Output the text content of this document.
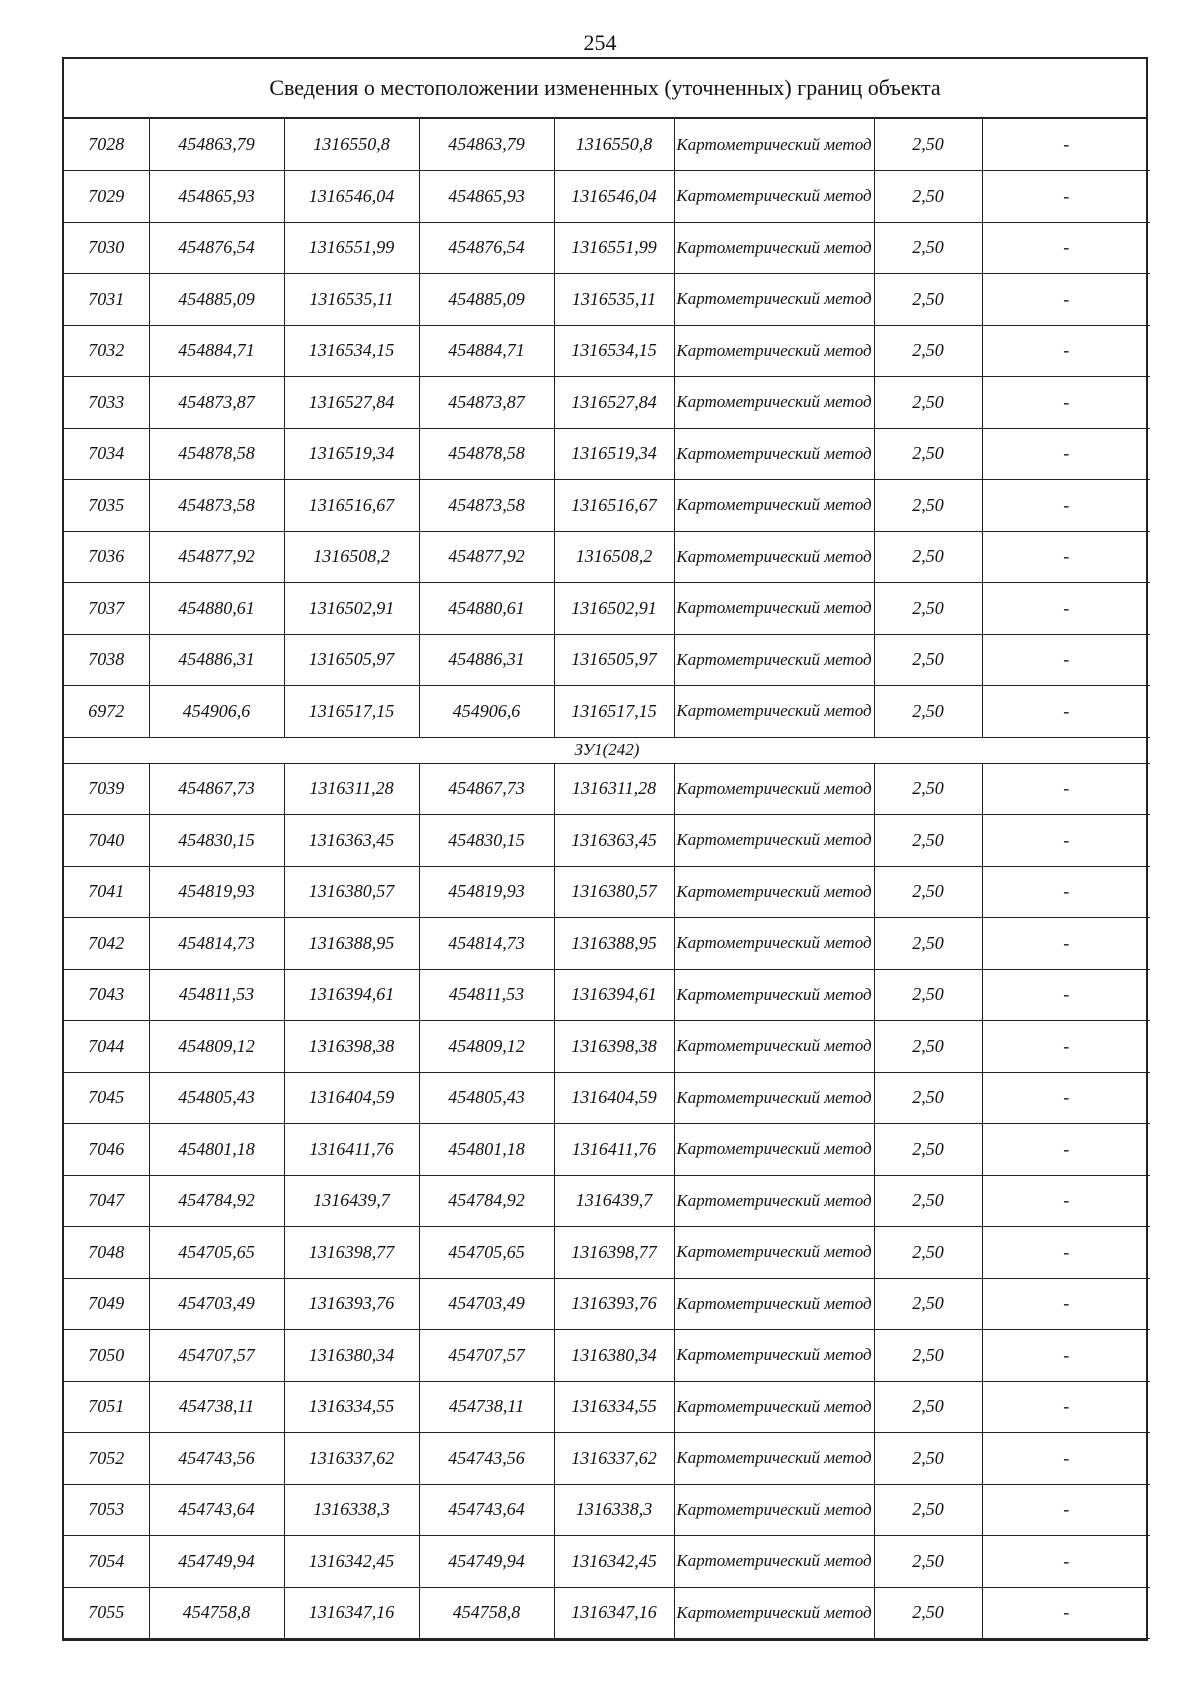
254
Сведения о местоположении измененных (уточненных) границ объекта
7028	454863,79	1316550,8	454863,79	1316550,8	Картометрический метод	2,50	-
7029	454865,93	1316546,04	454865,93	1316546,04	Картометрический метод	2,50	-
7030	454876,54	1316551,99	454876,54	1316551,99	Картометрический метод	2,50	-
7031	454885,09	1316535,11	454885,09	1316535,11	Картометрический метод	2,50	-
7032	454884,71	1316534,15	454884,71	1316534,15	Картометрический метод	2,50	-
7033	454873,87	1316527,84	454873,87	1316527,84	Картометрический метод	2,50	-
7034	454878,58	1316519,34	454878,58	1316519,34	Картометрический метод	2,50	-
7035	454873,58	1316516,67	454873,58	1316516,67	Картометрический метод	2,50	-
7036	454877,92	1316508,2	454877,92	1316508,2	Картометрический метод	2,50	-
7037	454880,61	1316502,91	454880,61	1316502,91	Картометрический метод	2,50	-
7038	454886,31	1316505,97	454886,31	1316505,97	Картометрический метод	2,50	-
6972	454906,6	1316517,15	454906,6	1316517,15	Картометрический метод	2,50	-
ЗУ1(242)							
7039	454867,73	1316311,28	454867,73	1316311,28	Картометрический метод	2,50	-
7040	454830,15	1316363,45	454830,15	1316363,45	Картометрический метод	2,50	-
7041	454819,93	1316380,57	454819,93	1316380,57	Картометрический метод	2,50	-
7042	454814,73	1316388,95	454814,73	1316388,95	Картометрический метод	2,50	-
7043	454811,53	1316394,61	454811,53	1316394,61	Картометрический метод	2,50	-
7044	454809,12	1316398,38	454809,12	1316398,38	Картометрический метод	2,50	-
7045	454805,43	1316404,59	454805,43	1316404,59	Картометрический метод	2,50	-
7046	454801,18	1316411,76	454801,18	1316411,76	Картометрический метод	2,50	-
7047	454784,92	1316439,7	454784,92	1316439,7	Картометрический метод	2,50	-
7048	454705,65	1316398,77	454705,65	1316398,77	Картометрический метод	2,50	-
7049	454703,49	1316393,76	454703,49	1316393,76	Картометрический метод	2,50	-
7050	454707,57	1316380,34	454707,57	1316380,34	Картометрический метод	2,50	-
7051	454738,11	1316334,55	454738,11	1316334,55	Картометрический метод	2,50	-
7052	454743,56	1316337,62	454743,56	1316337,62	Картометрический метод	2,50	-
7053	454743,64	1316338,3	454743,64	1316338,3	Картометрический метод	2,50	-
7054	454749,94	1316342,45	454749,94	1316342,45	Картометрический метод	2,50	-
7055	454758,8	1316347,16	454758,8	1316347,16	Картометрический метод	2,50	-
